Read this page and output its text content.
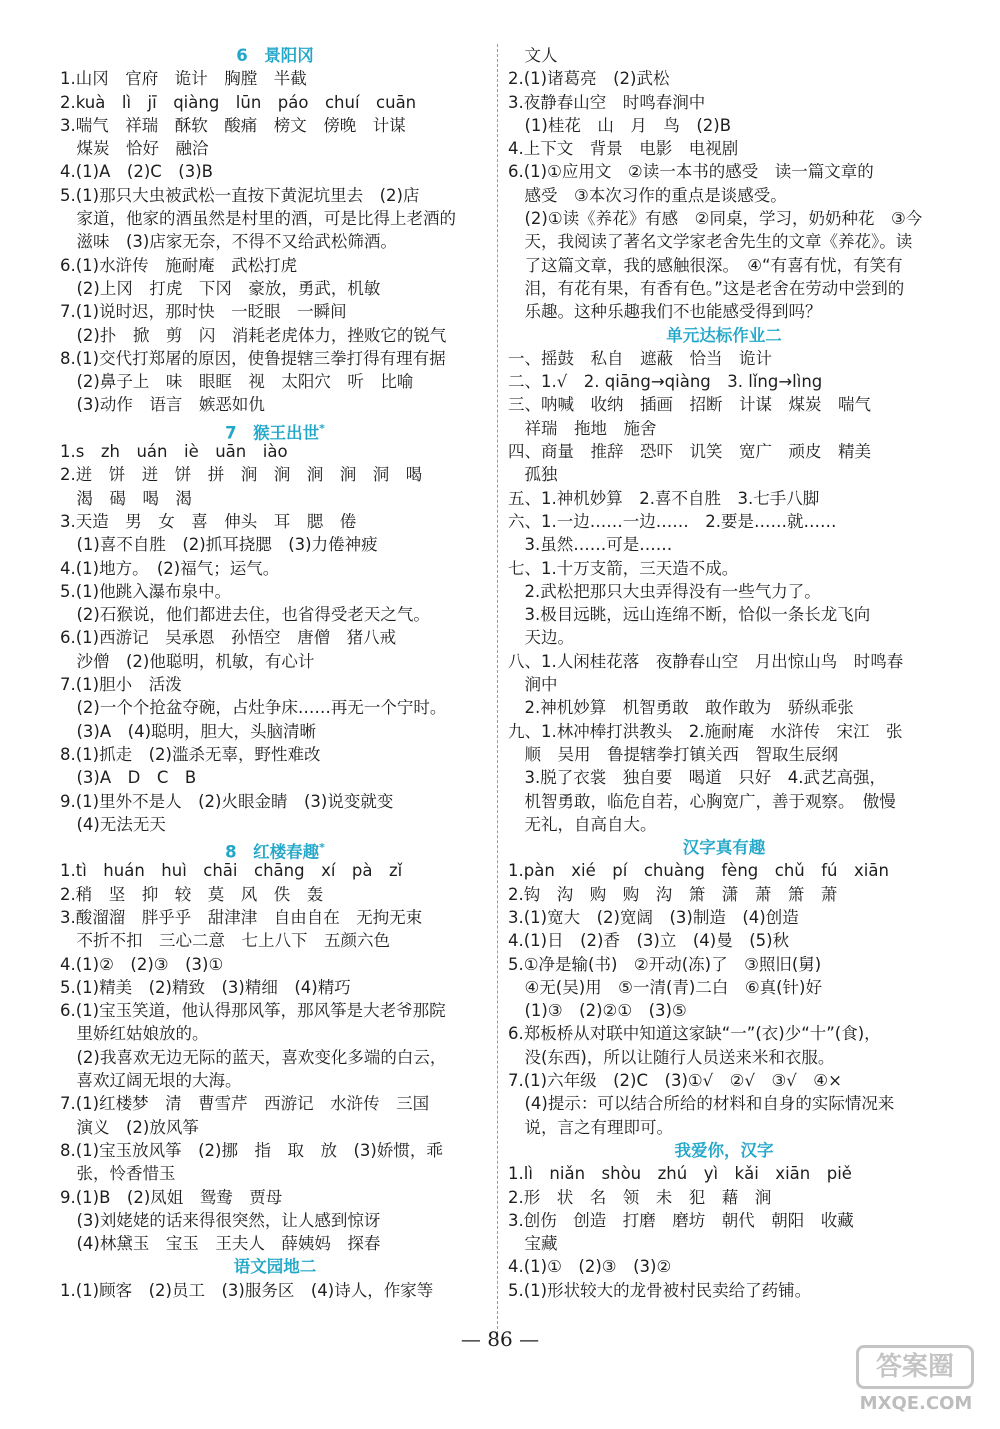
6　景阳冈
1.山冈　官府　诡计　胸膛　半截
2.kuà　lì　jī　qiàng　lūn　páo　chuí　cuān
3.喘气　祥瑞　酥软　酸痛　榜文　傍晚　计谋
　煤炭　恰好　融洽
4.(1)A　(2)C　(3)B
5.(1)那只大虫被武松一直按下黄泥坑里去　(2)店
　家道，他家的酒虽然是村里的酒，可是比得上老酒的
　滋味　(3)店家无奈，不得不又给武松筛酒。
6.(1)水浒传　施耐庵　武松打虎
　(2)上冈　打虎　下冈　豪放，勇武，机敏
7.(1)说时迟，那时快　一眨眼　一瞬间
　(2)扑　掀　剪　闪　消耗老虎体力，挫败它的锐气
8.(1)交代打郑屠的原因，使鲁提辖三拳打得有理有据
　(2)鼻子上　味　眼眶　视　太阳穴　听　比喻
　(3)动作　语言　嫉恶如仇
7　猴王出世*
1.s　zh　uán　iè　uān　iào
2.迸　饼　迸　饼　拼　涧　涧　涧　涧　洞　喝
　渴　碣　喝　渴
3.天造　男　女　喜　伸头　耳　腮　倦
　(1)喜不自胜　(2)抓耳挠腮　(3)力倦神疲
4.(1)地方。　(2)福气；运气。
5.(1)他跳入瀑布泉中。
　(2)石猴说，他们都进去住，也省得受老天之气。
6.(1)西游记　吴承恩　孙悟空　唐僧　猪八戒
　沙僧　(2)他聪明，机敏，有心计
7.(1)胆小　活泼
　(2)一个个抢盆夺碗，占灶争床……再无一个宁时。
　(3)A　(4)聪明，胆大，头脑清晰
8.(1)抓走　(2)滥杀无辜，野性难改
　(3)A　D　C　B
9.(1)里外不是人　(2)火眼金睛　(3)说变就变
　(4)无法无天
8　红楼春趣*
1.tì　huán　huì　chāi　chāng　xí　pà　zǐ
2.稍　坚　抑　较　莫　风　佚　轰
3.酸溜溜　胖乎乎　甜津津　自由自在　无拘无束
　不折不扣　三心二意　七上八下　五颜六色
4.(1)②　(2)③　(3)①
5.(1)精美　(2)精致　(3)精细　(4)精巧
6.(1)宝玉笑道，他认得那风筝，那风筝是大老爷那院
　里娇红姑娘放的。
　(2)我喜欢无边无际的蓝天，喜欢变化多端的白云，
　喜欢辽阔无垠的大海。
7.(1)红楼梦　清　曹雪芹　西游记　水浒传　三国
　演义　(2)放风筝
8.(1)宝玉放风筝　(2)挪　指　取　放　(3)娇惯，乖
　张，怜香惜玉
9.(1)B　(2)凤姐　鸳鸯　贾母
　(3)刘姥姥的话来得很突然，让人感到惊讶
　(4)林黛玉　宝玉　王夫人　薛姨妈　探春
语文园地二
1.(1)顾客　(2)员工　(3)服务区　(4)诗人，作家等
　文人
2.(1)诸葛亮　(2)武松
3.夜静春山空　时鸣春涧中
　(1)桂花　山　月　鸟　(2)B
4.上下文　背景　电影　电视剧
6.(1)①应用文　②读一本书的感受　读一篇文章的
　感受　③本次习作的重点是谈感受。
　(2)①读《养花》有感　②同桌，学习，奶奶种花　③今
　天，我阅读了著名文学家老舍先生的文章《养花》。读
　了这篇文章，我的感触很深。　④“有喜有忧，有笑有
　泪，有花有果，有香有色。”这是老舍在劳动中尝到的
　乐趣。这种乐趣我们不也能感受得到吗？
单元达标作业二
一、摇鼓　私自　遮蔽　恰当　诡计
二、1.√　2. qiāng→qiàng　3. lǐng→lìng
三、呐喊　收纳　插画　招断　计谋　煤炭　喘气
　祥瑞　拖地　施舍
四、商量　推辞　恐吓　讥笑　宽广　顽皮　精美
　孤独
五、1.神机妙算　2.喜不自胜　3.七手八脚
六、1.一边……一边……　2.要是……就……
　3.虽然……可是……
七、1.十万支箭，三天造不成。
　2.武松把那只大虫弄得没有一些气力了。
　3.极目远眺，远山连绵不断，恰似一条长龙飞向
　天边。
八、1.人闲桂花落　夜静春山空　月出惊山鸟　时鸣春
　涧中
　2.神机妙算　机智勇敢　敢作敢为　骄纵乖张
九、1.林冲棒打洪教头　2.施耐庵　水浒传　宋江　张
　顺　吴用　鲁提辖拳打镇关西　智取生辰纲
　3.脱了衣裳　独自要　喝道　只好　4.武艺高强，
　机智勇敢，临危自若，心胸宽广，善于观察。　傲慢
　无礼，自高自大。
汉字真有趣
1.pàn　xié　pí　chuàng　fèng　chǔ　fú　xiān
2.钩　沟　购　购　沟　箫　潇　萧　箫　萧
3.(1)宽大　(2)宽阔　(3)制造　(4)创造
4.(1)日　(2)香　(3)立　(4)曼　(5)秋
5.①净是输(书)　②开动(冻)了　③照旧(舅)
　④无(吴)用　⑤一清(青)二白　⑥真(针)好
　(1)③　(2)②①　(3)⑤
6.郑板桥从对联中知道这家缺“一”(衣)少“十”(食)，
　没(东西)，所以让随行人员送来米和衣服。
7.(1)六年级　(2)C　(3)①√　②√　③√　④×
　(4)提示：可以结合所给的材料和自身的实际情况来
　说，言之有理即可。
我爱你，汉字
1.lì　niǎn　shòu　zhú　yì　kǎi　xiān　piě
2.形　状　名　领　未　犯　藉　涧
3.创伤　创造　打磨　磨坊　朝代　朝阳　收藏
　宝藏
4.(1)①　(2)③　(3)②
5.(1)形状较大的龙骨被村民卖给了药铺。
— 86 —
答案圈
MXQE.COM
